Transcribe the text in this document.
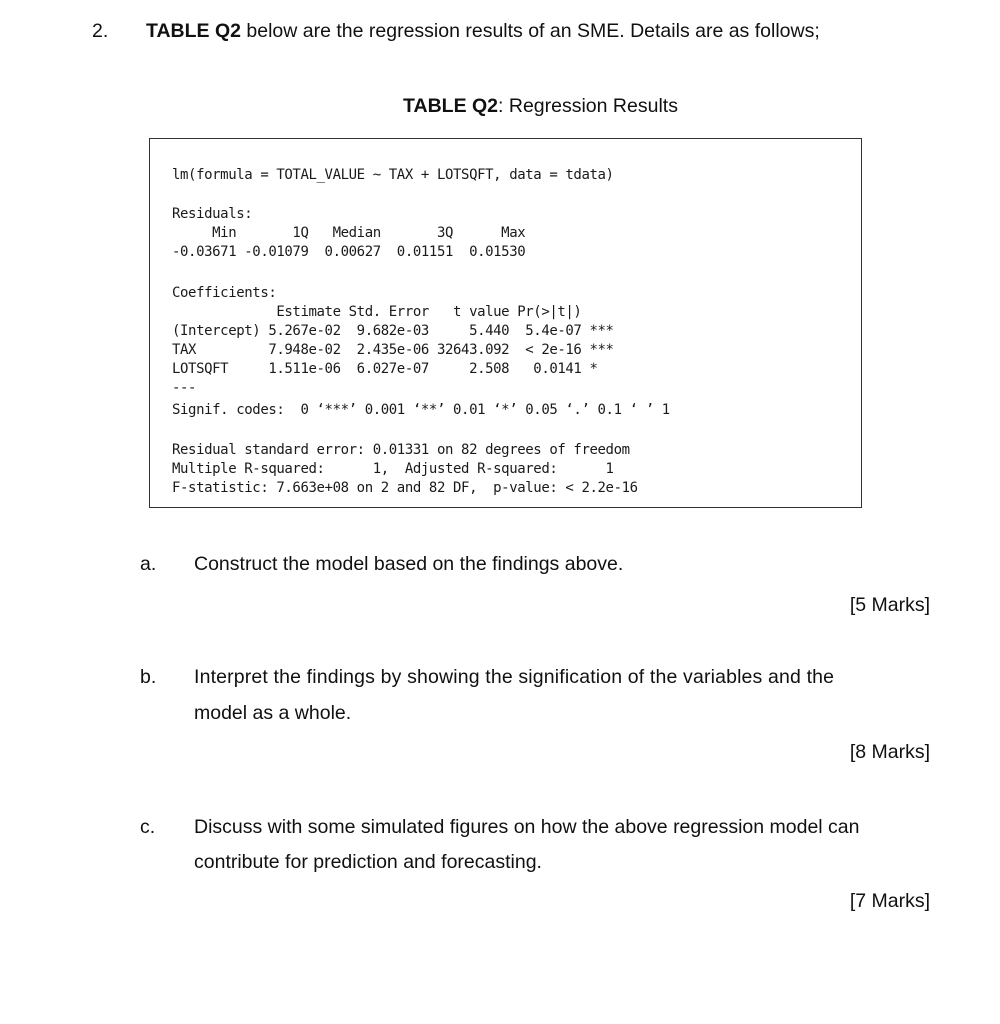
2. TABLE Q2 below are the regression results of an SME. Details are as follows;
TABLE Q2: Regression Results
lm(formula = TOTAL_VALUE ~ TAX + LOTSQFT, data = tdata)
Residuals:
Min       1Q   Median       3Q      Max
-0.03671 -0.01079  0.00627  0.01151  0.01530
Coefficients:
Estimate Std. Error   t value Pr(>|t|)
(Intercept) 5.267e-02  9.682e-03     5.440  5.4e-07 ***
TAX         7.948e-02  2.435e-06 32643.092  < 2e-16 ***
LOTSQFT     1.511e-06  6.027e-07     2.508   0.0141 *
---
Signif. codes:  0 ‘***’ 0.001 ‘**’ 0.01 ‘*’ 0.05 ‘.’ 0.1 ‘ ’ 1
Residual standard error: 0.01331 on 82 degrees of freedom
Multiple R-squared:      1,  Adjusted R-squared:      1
F-statistic: 7.663e+08 on 2 and 82 DF,  p-value: < 2.2e-16
a. Construct the model based on the findings above.
[5 Marks]
b. Interpret the findings by showing the signification of the variables and the
model as a whole.
[8 Marks]
c. Discuss with some simulated figures on how the above regression model can
contribute for prediction and forecasting.
[7 Marks]
